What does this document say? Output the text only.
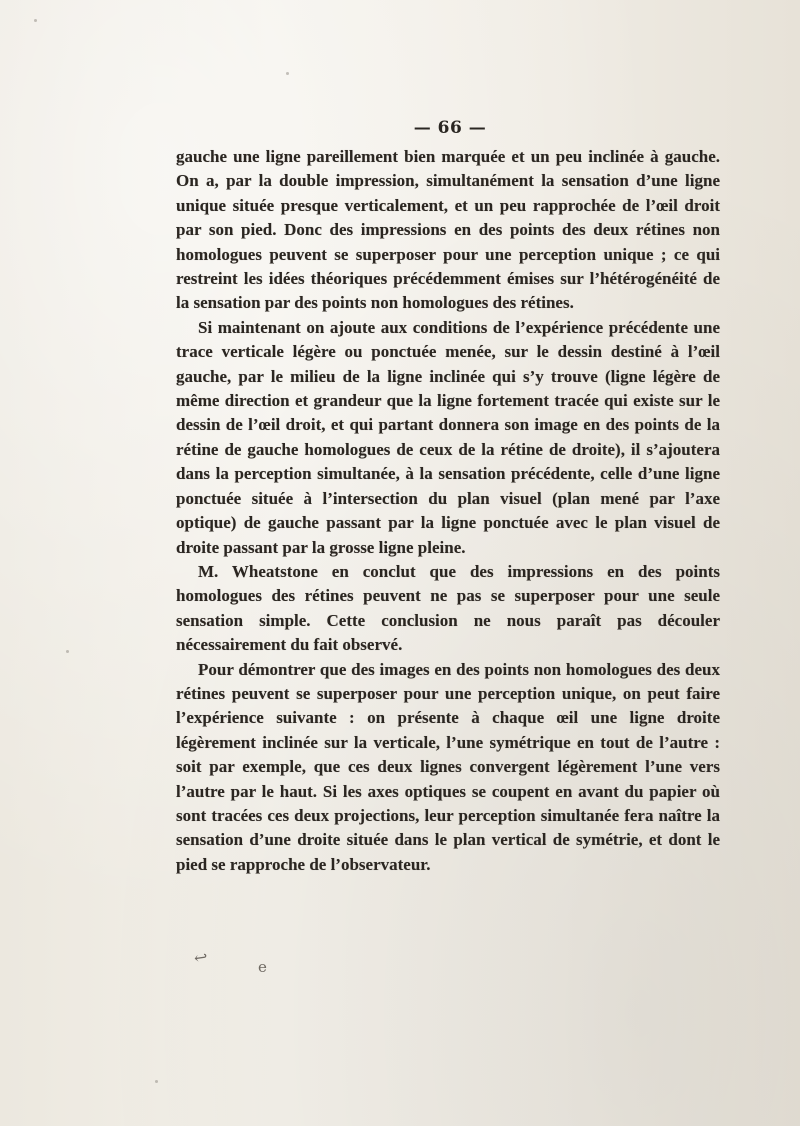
— 66 —

gauche une ligne pareillement bien marquée et un peu inclinée à gauche. On a, par la double impression, simultanément la sensation d’une ligne unique située presque verticalement, et un peu rapprochée de l’œil droit par son pied. Donc des impressions en des points des deux rétines non homologues peuvent se superposer pour une perception unique ; ce qui restreint les idées théoriques précédemment émises sur l’hétérogénéité de la sensation par des points non homologues des rétines.

Si maintenant on ajoute aux conditions de l’expérience précédente une trace verticale légère ou ponctuée menée, sur le dessin destiné à l’œil gauche, par le milieu de la ligne inclinée qui s’y trouve (ligne légère de même direction et grandeur que la ligne fortement tracée qui existe sur le dessin de l’œil droit, et qui partant donnera son image en des points de la rétine de gauche homologues de ceux de la rétine de droite), il s’ajoutera dans la perception simultanée, à la sensation précédente, celle d’une ligne ponctuée située à l’intersection du plan visuel (plan mené par l’axe optique) de gauche passant par la ligne ponctuée avec le plan visuel de droite passant par la grosse ligne pleine.

M. Wheatstone en conclut que des impressions en des points homologues des rétines peuvent ne pas se superposer pour une seule sensation simple. Cette conclusion ne nous paraît pas découler nécessairement du fait observé.

Pour démontrer que des images en des points non homologues des deux rétines peuvent se superposer pour une perception unique, on peut faire l’expérience suivante : on présente à chaque œil une ligne droite légèrement inclinée sur la verticale, l’une symétrique en tout de l’autre : soit par exemple, que ces deux lignes convergent légèrement l’une vers l’autre par le haut. Si les axes optiques se coupent en avant du papier où sont tracées ces deux projections, leur perception simultanée fera naître la sensation d’une droite située dans le plan vertical de symétrie, et dont le pied se rapproche de l’observateur.

↩	e
